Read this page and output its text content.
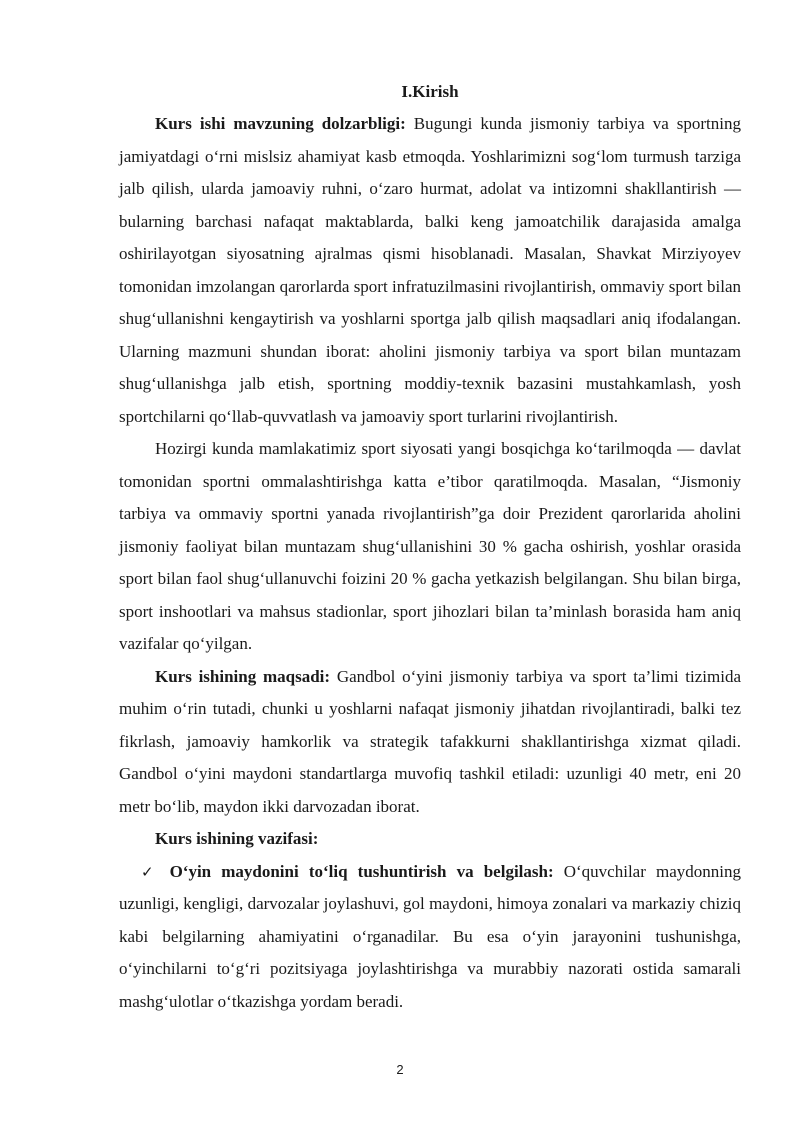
I.Kirish

Kurs ishi mavzuning dolzarbligi: Bugungi kunda jismoniy tarbiya va sportning jamiyatdagi o‘rni mislsiz ahamiyat kasb etmoqda. Yoshlarimizni sog‘lom turmush tarziga jalb qilish, ularda jamoaviy ruhni, o‘zaro hurmat, adolat va intizomni shakllantirish — bularning barchasi nafaqat maktablarda, balki keng jamoatchilik darajasida amalga oshirilayotgan siyosatning ajralmas qismi hisoblanadi. Masalan, Shavkat Mirziyoyev tomonidan imzolangan qarorlarda sport infratuzilmasini rivojlantirish, ommaviy sport bilan shug‘ullanishni kengaytirish va yoshlarni sportga jalb qilish maqsadlari aniq ifodalangan. Ularning mazmuni shundan iborat: aholini jismoniy tarbiya va sport bilan muntazam shug‘ullanishga jalb etish, sportning moddiy-texnik bazasini mustahkamlash, yosh sportchilarni qo‘llab-quvvatlash va jamoaviy sport turlarini rivojlantirish.

Hozirgi kunda mamlakatimiz sport siyosati yangi bosqichga ko‘tarilmoqda — davlat tomonidan sportni ommalashtirishga katta e’tibor qaratilmoqda. Masalan, “Jismoniy tarbiya va ommaviy sportni yanada rivojlantirish”ga doir Prezident qarorlarida aholini jismoniy faoliyat bilan muntazam shug‘ullanishini 30 % gacha oshirish, yoshlar orasida sport bilan faol shug‘ullanuvchi foizini 20 % gacha yetkazish belgilangan. Shu bilan birga, sport inshootlari va mahsus stadionlar, sport jihozlari bilan ta’minlash borasida ham aniq vazifalar qo‘yilgan.

Kurs ishining maqsadi: Gandbol o‘yini jismoniy tarbiya va sport ta’limi tizimida muhim o‘rin tutadi, chunki u yoshlarni nafaqat jismoniy jihatdan rivojlantiradi, balki tez fikrlash, jamoaviy hamkorlik va strategik tafakkurni shakllantirishga xizmat qiladi. Gandbol o‘yini maydoni standartlarga muvofiq tashkil etiladi: uzunligi 40 metr, eni 20 metr bo‘lib, maydon ikki darvozadan iborat.

Kurs ishining vazifasi:

✓ O‘yin maydonini to‘liq tushuntirish va belgilash: O‘quvchilar maydonning uzunligi, kengligi, darvozalar joylashuvi, gol maydoni, himoya zonalari va markaziy chiziq kabi belgilarning ahamiyatini o‘rganadilar. Bu esa o‘yin jarayonini tushunishga, o‘yinchilarni to‘g‘ri pozitsiyaga joylashtirishga va murabbiy nazorati ostida samarali mashg‘ulotlar o‘tkazishga yordam beradi.

2
